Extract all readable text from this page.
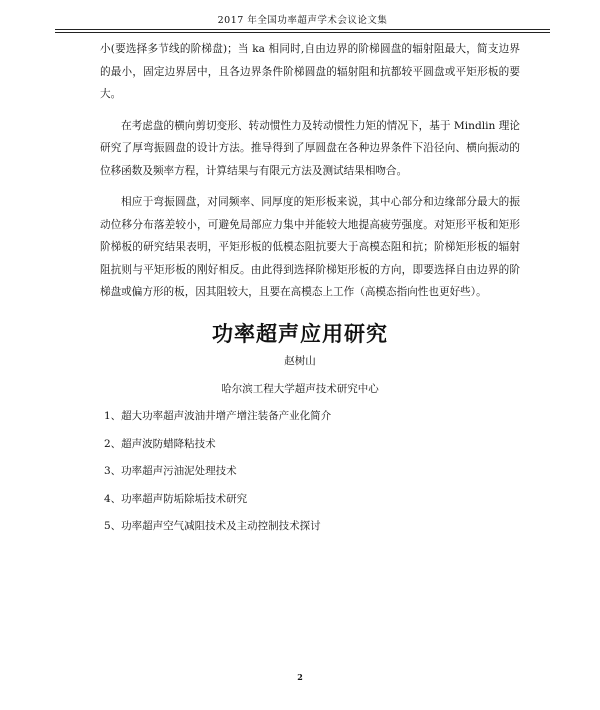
2017 年全国功率超声学术会议论文集

小(要选择多节线的阶梯盘)；当 ka 相同时,自由边界的阶梯圆盘的辐射阻最大，简支边界的最小，固定边界居中，且各边界条件阶梯圆盘的辐射阻和抗都较平圆盘或平矩形板的要大。

在考虑盘的横向剪切变形、转动惯性力及转动惯性力矩的情况下，基于 Mindlin 理论研究了厚弯振圆盘的设计方法。推导得到了厚圆盘在各种边界条件下沿径向、横向振动的位移函数及频率方程，计算结果与有限元方法及测试结果相吻合。

相应于弯振圆盘，对同频率、同厚度的矩形板来说，其中心部分和边缘部分最大的振动位移分布落差较小，可避免局部应力集中并能较大地提高疲劳强度。对矩形平板和矩形阶梯板的研究结果表明，平矩形板的低模态阻抗要大于高模态阻和抗；阶梯矩形板的辐射阻抗则与平矩形板的刚好相反。由此得到选择阶梯矩形板的方向，即要选择自由边界的阶梯盘或偏方形的板，因其阻较大，且要在高模态上工作（高模态指向性也更好些）。

功率超声应用研究
赵树山
哈尔滨工程大学超声技术研究中心
1、超大功率超声波油井增产增注装备产业化简介
2、超声波防蜡降粘技术
3、功率超声污油泥处理技术
4、功率超声防垢除垢技术研究
5、功率超声空气减阻技术及主动控制技术探讨
2
